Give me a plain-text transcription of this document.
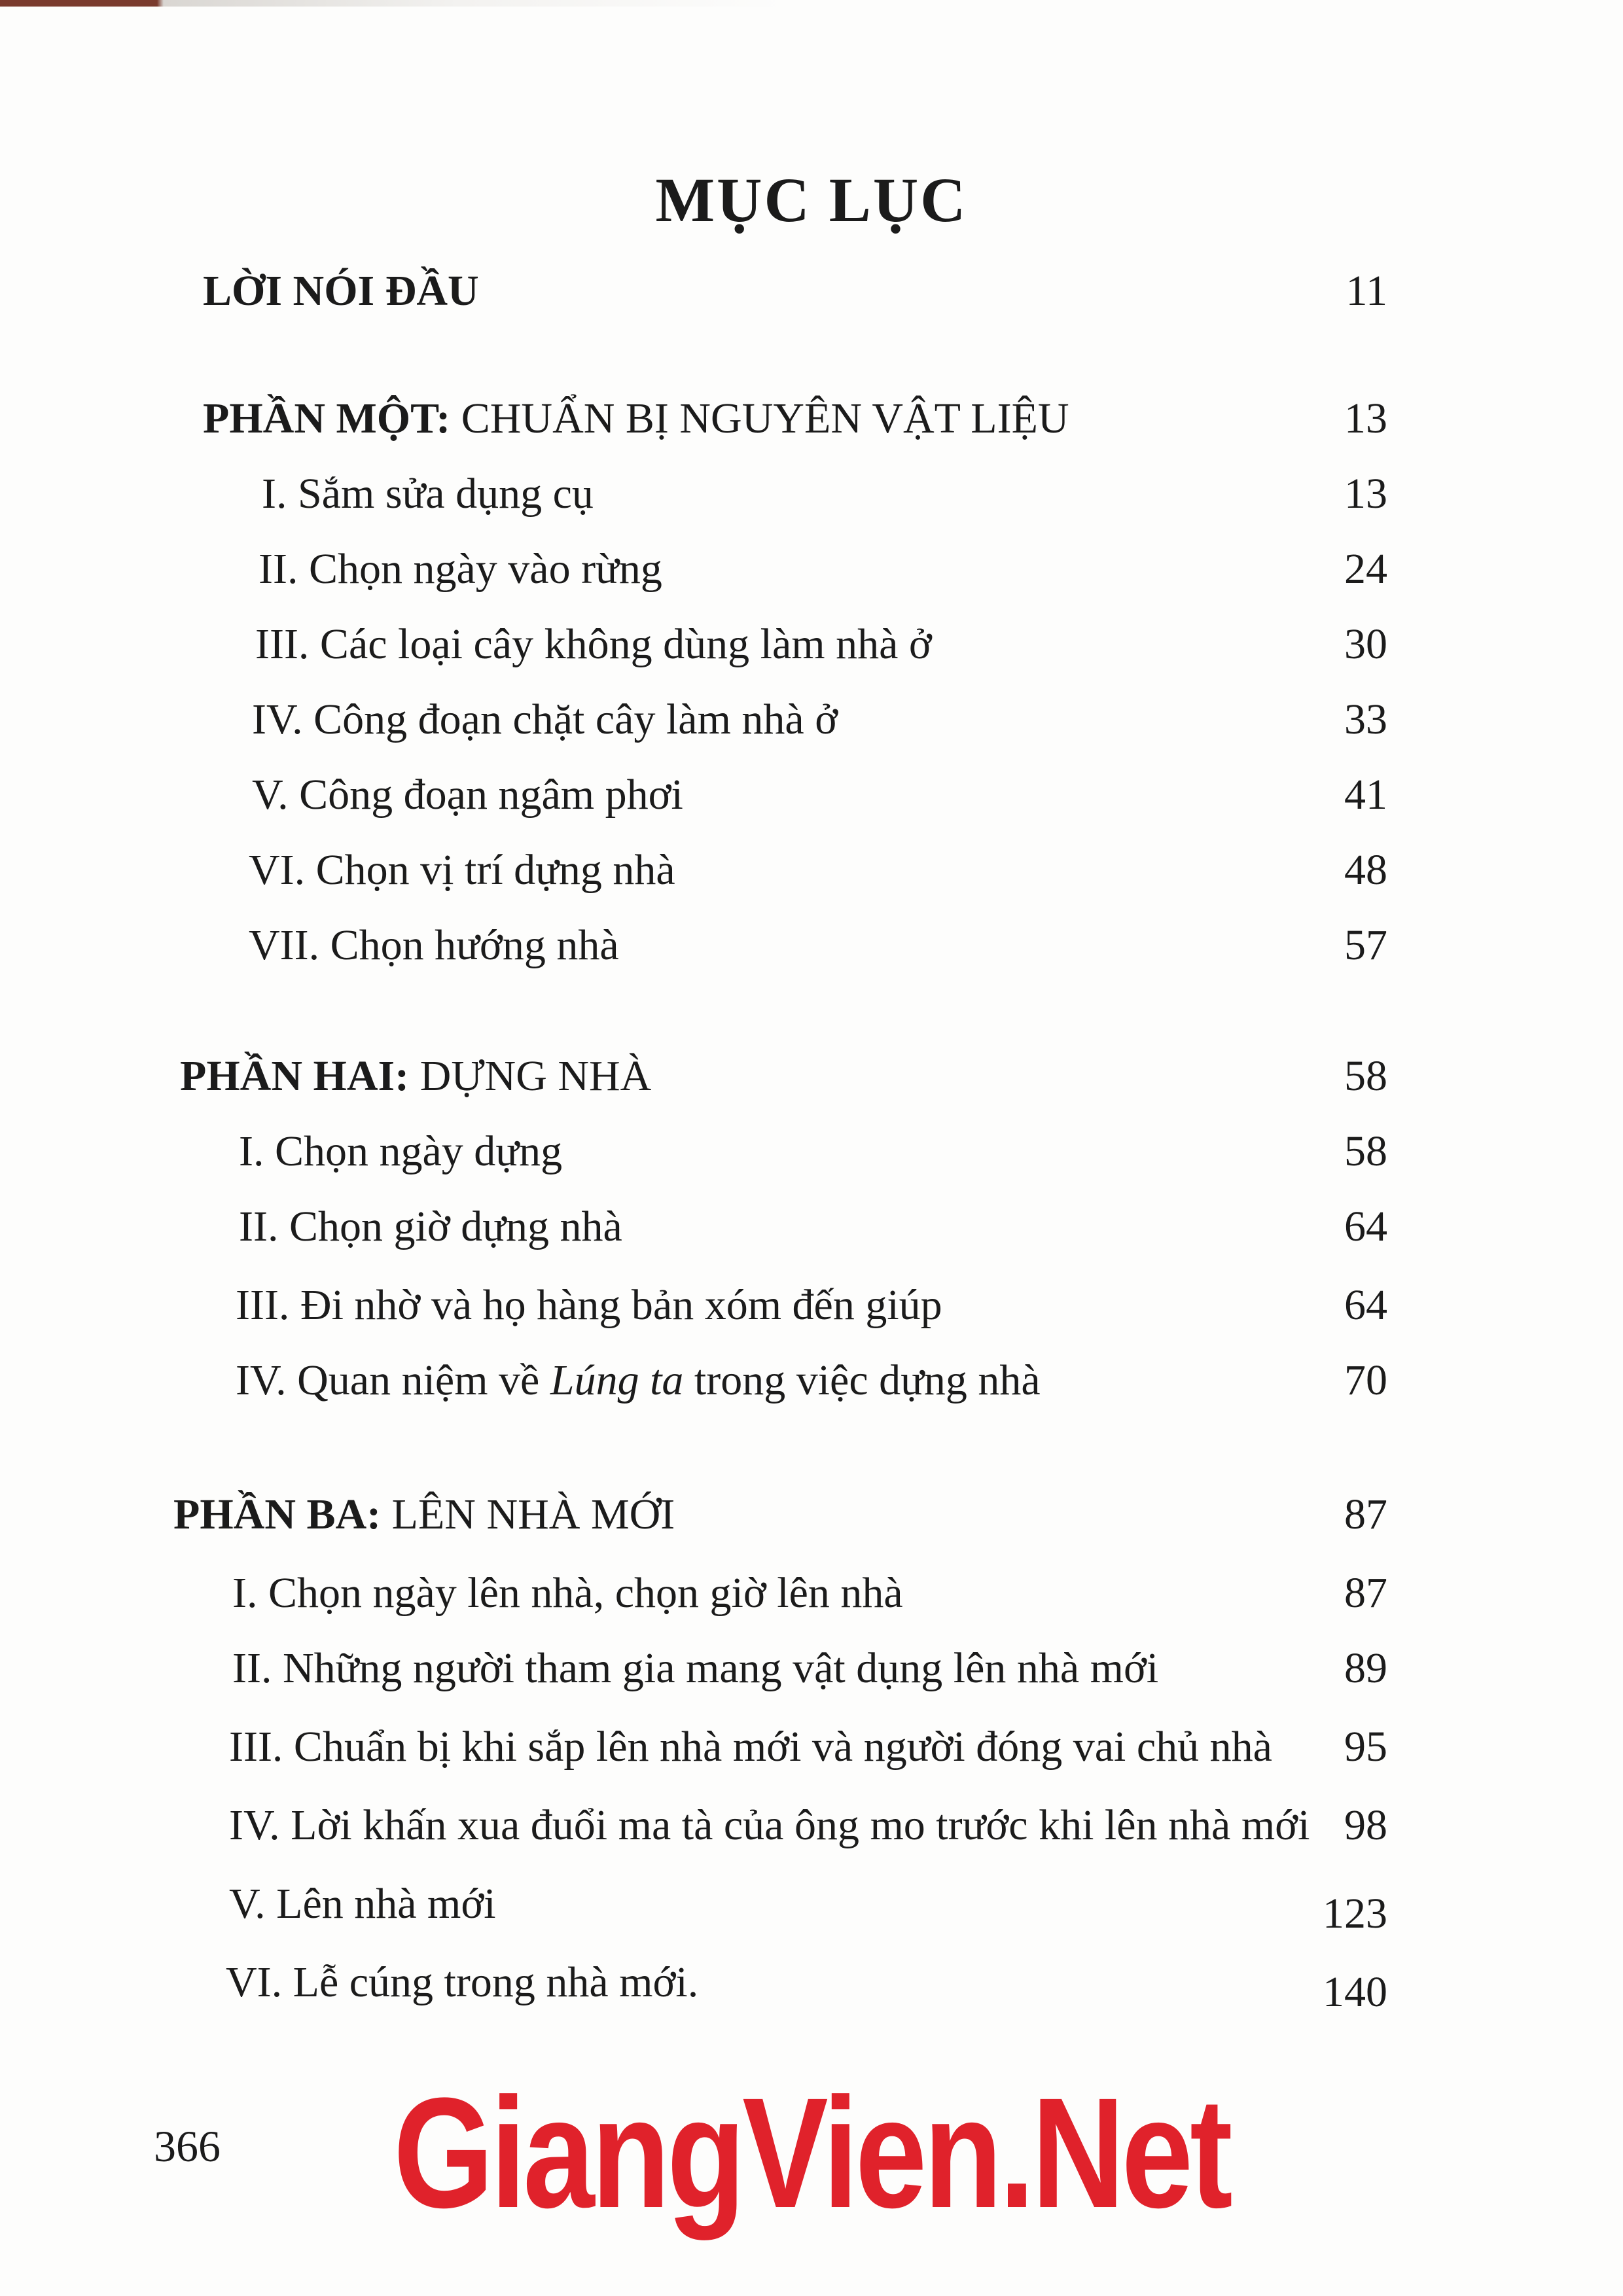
MỤC LỤC
LỜI NÓI ĐẦU
PHẦN MỘT: CHUẨN BỊ NGUYÊN VẬT LIỆU
I. Sắm sửa dụng cụ
II. Chọn ngày vào rừng
III. Các loại cây không dùng làm nhà ở
IV. Công đoạn chặt cây làm nhà ở
V. Công đoạn ngâm phơi
VI. Chọn vị trí dựng nhà
VII. Chọn hướng nhà
PHẦN HAI: DỰNG NHÀ
I. Chọn ngày dựng
II. Chọn giờ dựng nhà
III. Đi nhờ và họ hàng bản xóm đến giúp
IV. Quan niệm về Lúng ta trong việc dựng nhà
PHẦN BA: LÊN NHÀ MỚI
I. Chọn ngày lên nhà, chọn giờ lên nhà
II. Những người tham gia mang vật dụng lên nhà mới
III. Chuẩn bị khi sắp lên nhà mới và người đóng vai chủ nhà
IV. Lời khấn xua đuổi ma tà của ông mo trước khi lên nhà mới
V. Lên nhà mới
VI. Lễ cúng trong nhà mới.
11
13
13
24
30
33
41
48
57
58
58
64
64
70
87
87
89
95
98
123
140
366	GiangVien.Net
